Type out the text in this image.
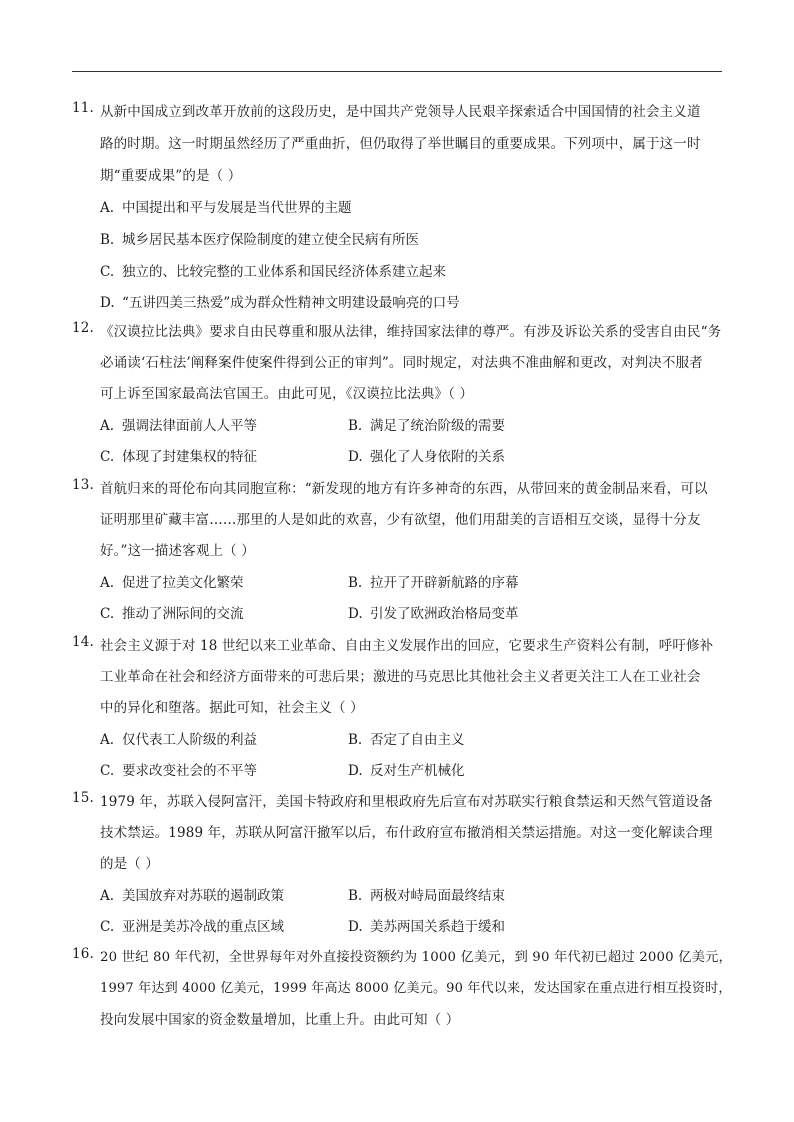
11. 从新中国成立到改革开放前的这段历史，是中国共产党领导人民艰辛探索适合中国国情的社会主义道
路的时期。这一时期虽然经历了严重曲折，但仍取得了举世瞩目的重要成果。下列项中，属于这一时
期“重要成果”的是（ ）
A. 中国提出和平与发展是当代世界的主题
B. 城乡居民基本医疗保险制度的建立使全民病有所医
C. 独立的、比较完整的工业体系和国民经济体系建立起来
D. “五讲四美三热爱”成为群众性精神文明建设最响亮的口号
12. 《汉谟拉比法典》要求自由民尊重和服从法律，维持国家法律的尊严。有涉及诉讼关系的受害自由民“务
必诵读‘石柱法’阐释案件使案件得到公正的审判”。同时规定，对法典不准曲解和更改，对判决不服者
可上诉至国家最高法官国王。由此可见，《汉谟拉比法典》（ ）
A. 强调法律面前人人平等	B. 满足了统治阶级的需要
C. 体现了封建集权的特征	D. 强化了人身依附的关系
13. 首航归来的哥伦布向其同胞宣称：“新发现的地方有许多神奇的东西，从带回来的黄金制品来看，可以
证明那里矿藏丰富……那里的人是如此的欢喜，少有欲望，他们用甜美的言语相互交谈，显得十分友
好。”这一描述客观上（ ）
A. 促进了拉美文化繁荣	B. 拉开了开辟新航路的序幕
C. 推动了洲际间的交流	D. 引发了欧洲政治格局变革
14. 社会主义源于对 18 世纪以来工业革命、自由主义发展作出的回应，它要求生产资料公有制，呼吁修补
工业革命在社会和经济方面带来的可悲后果；激进的马克思比其他社会主义者更关注工人在工业社会
中的异化和堕落。据此可知，社会主义（ ）
A. 仅代表工人阶级的利益	B. 否定了自由主义
C. 要求改变社会的不平等	D. 反对生产机械化
15. 1979 年，苏联入侵阿富汗，美国卡特政府和里根政府先后宣布对苏联实行粮食禁运和天然气管道设备
技术禁运。1989 年，苏联从阿富汗撤军以后，布什政府宣布撤消相关禁运措施。对这一变化解读合理
的是（ ）
A. 美国放弃对苏联的遏制政策	B. 两极对峙局面最终结束
C. 亚洲是美苏冷战的重点区域	D. 美苏两国关系趋于缓和
16. 20 世纪 80 年代初，全世界每年对外直接投资额约为 1000 亿美元，到 90 年代初已超过 2000 亿美元，
1997 年达到 4000 亿美元，1999 年高达 8000 亿美元。90 年代以来，发达国家在重点进行相互投资时，
投向发展中国家的资金数量增加，比重上升。由此可知（ ）
